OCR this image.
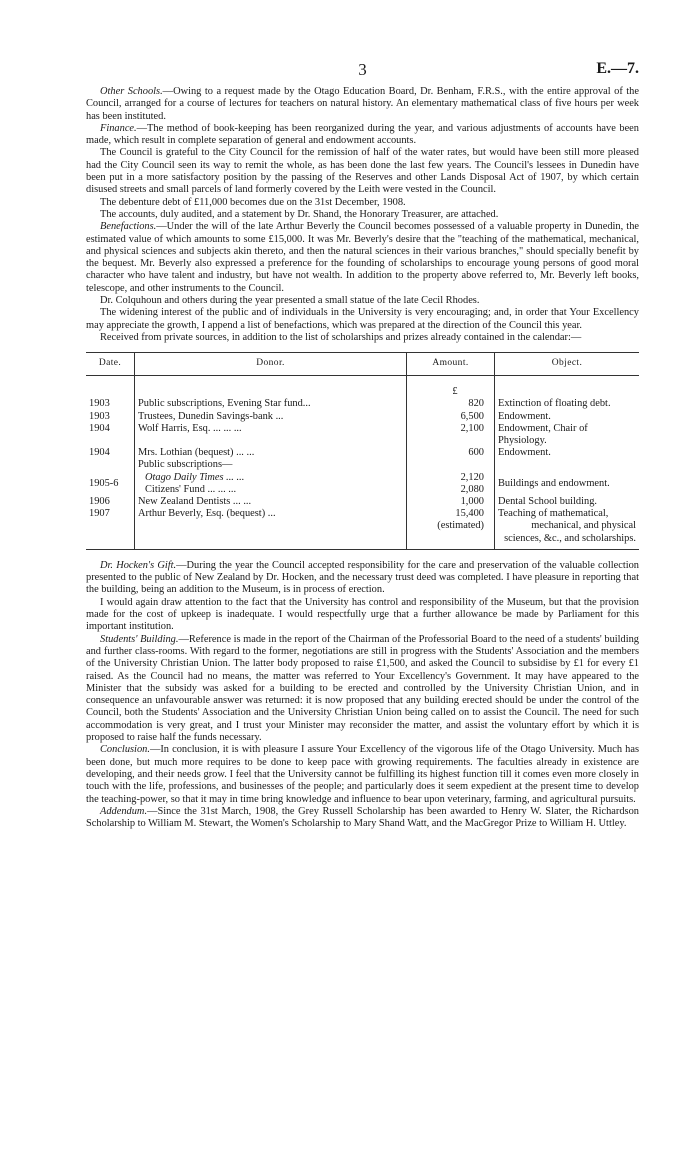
3	E.—7.

Other Schools.—Owing to a request made by the Otago Education Board, Dr. Benham, F.R.S., with the entire approval of the Council, arranged for a course of lectures for teachers on natural history. An elementary mathematical class of five hours per week has been instituted.

Finance.—The method of book-keeping has been reorganized during the year, and various adjustments of accounts have been made, which result in complete separation of general and endowment accounts.

The Council is grateful to the City Council for the remission of half of the water rates, but would have been still more pleased had the City Council seen its way to remit the whole, as has been done the last few years. The Council's lessees in Dunedin have been put in a more satisfactory position by the passing of the Reserves and other Lands Disposal Act of 1907, by which certain disused streets and small parcels of land formerly covered by the Leith were vested in the Council.

The debenture debt of £11,000 becomes due on the 31st December, 1908.

The accounts, duly audited, and a statement by Dr. Shand, the Honorary Treasurer, are attached.

Benefactions.—Under the will of the late Arthur Beverly the Council becomes possessed of a valuable property in Dunedin, the estimated value of which amounts to some £15,000. It was Mr. Beverly's desire that the "teaching of the mathematical, mechanical, and physical sciences and subjects akin thereto, and then the natural sciences in their various branches," should specially benefit by the bequest. Mr. Beverly also expressed a preference for the founding of scholarships to encourage young persons of good moral character who have talent and industry, but have not wealth. In addition to the property above referred to, Mr. Beverly left books, telescope, and other instruments to the Council.

Dr. Colquhoun and others during the year presented a small statue of the late Cecil Rhodes.

The widening interest of the public and of individuals in the University is very encouraging; and, in order that Your Excellency may appreciate the growth, I append a list of benefactions, which was prepared at the direction of the Council this year.

Received from private sources, in addition to the list of scholarships and prizes already contained in the calendar:—

Date.	Donor.	Amount.	Object.

		£	

1903	Public subscriptions, Evening Star fund...	820	Extinction of floating debt.
1903	Trustees, Dunedin Savings-bank ...	6,500	Endowment.
1904	Wolf Harris, Esq. ... ... ...	2,100	Endowment, Chair of Physiology.
1904	Mrs. Lothian (bequest) ... ...	600	Endowment.
	Public subscriptions—		
1905-6	Otago Daily Times ... ...	2,120	Buildings and endowment.
	Citizens' Fund ... ... ...	2,080	
1906	New Zealand Dentists ... ...	1,000	Dental School building.
1907	Arthur Beverly, Esq. (bequest) ...	15,400	Teaching of mathematical,
		(estimated)	mechanical, and physical
			sciences, &c., and scholarships.

Dr. Hocken's Gift.—During the year the Council accepted responsibility for the care and preservation of the valuable collection presented to the public of New Zealand by Dr. Hocken, and the necessary trust deed was completed. I have pleasure in reporting that the building, being an addition to the Museum, is in process of erection.

I would again draw attention to the fact that the University has control and responsibility of the Museum, but that the provision made for the cost of upkeep is inadequate. I would respectfully urge that a further allowance be made by Parliament for this important institution.

Students' Building.—Reference is made in the report of the Chairman of the Professorial Board to the need of a students' building and further class-rooms. With regard to the former, negotiations are still in progress with the Students' Association and the members of the University Christian Union. The latter body proposed to raise £1,500, and asked the Council to subsidise by £1 for every £1 raised. As the Council had no means, the matter was referred to Your Excellency's Government. It may have appeared to the Minister that the subsidy was asked for a building to be erected and controlled by the University Christian Union, and in consequence an unfavourable answer was returned: it is now proposed that any building erected should be under the control of the Council, both the Students' Association and the University Christian Union being called on to assist the Council. The need for such accommodation is very great, and I trust your Minister may reconsider the matter, and assist the voluntary effort by which it is proposed to raise half the funds necessary.

Conclusion.—In conclusion, it is with pleasure I assure Your Excellency of the vigorous life of the Otago University. Much has been done, but much more requires to be done to keep pace with growing requirements. The faculties already in existence are developing, and their needs grow. I feel that the University cannot be fulfilling its highest function till it comes even more closely in touch with the life, professions, and businesses of the people; and particularly does it seem expedient at the present time to develop the teaching-power, so that it may in time bring knowledge and influence to bear upon veterinary, farming, and agricultural pursuits.

Addendum.—Since the 31st March, 1908, the Grey Russell Scholarship has been awarded to Henry W. Slater, the Richardson Scholarship to William M. Stewart, the Women's Scholarship to Mary Shand Watt, and the MacGregor Prize to William H. Uttley.
